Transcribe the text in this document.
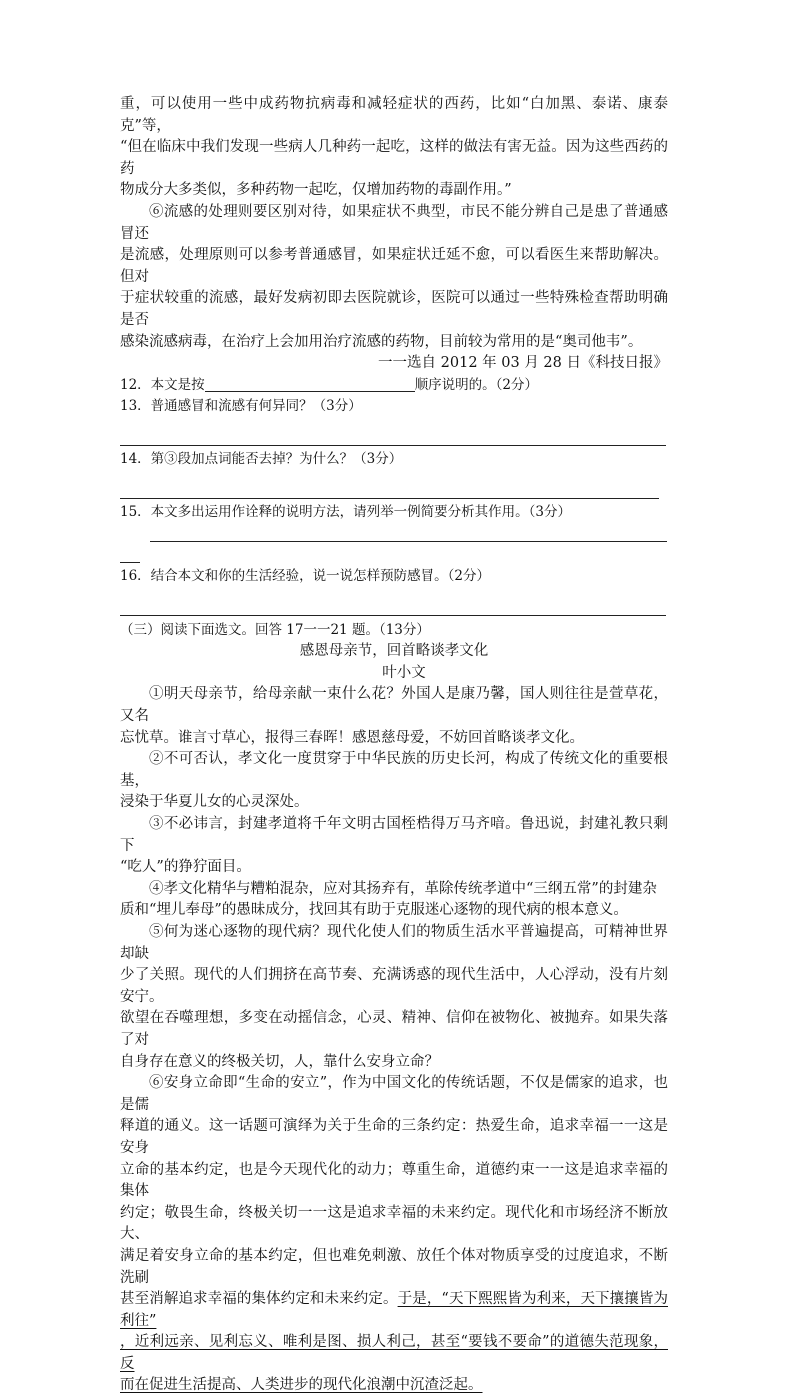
重，可以使用一些中成药物抗病毒和减轻症状的西药，比如“白加黑、泰诺、康泰克”等，

“但在临床中我们发现一些病人几种药一起吃，这样的做法有害无益。因为这些西药的药

物成分大多类似，多种药物一起吃，仅增加药物的毒副作用。”

⑥流感的处理则要区别对待，如果症状不典型，市民不能分辨自己是患了普通感冒还

是流感，处理原则可以参考普通感冒，如果症状迁延不愈，可以看医生来帮助解决。但对

于症状较重的流感，最好发病初即去医院就诊，医院可以通过一些特殊检查帮助明确是否

感染流感病毒，在治疗上会加用治疗流感的药物，目前较为常用的是“奥司他韦”。

一一选自 2012 年 03 月 28 日《科技日报》

12．本文是按	顺序说明的。（2分）

13．普通感冒和流感有何异同？（3分）

14．第③段加点词能否去掉？为什么？（3分）

15．本文多出运用作诠释的说明方法，请列举一例简要分析其作用。（3分）

16．结合本文和你的生活经验，说一说怎样预防感冒。（2分）

（三）阅读下面选文。回答 17一一21 题。（13分）

感恩母亲节，回首略谈孝文化

叶小文

①明天母亲节，给母亲献一束什么花？外国人是康乃馨，国人则往往是萱草花，又名

忘忧草。谁言寸草心，报得三春晖！感恩慈母爱，不妨回首略谈孝文化。

②不可否认，孝文化一度贯穿于中华民族的历史长河，构成了传统文化的重要根基，

浸染于华夏儿女的心灵深处。

③不必讳言，封建孝道将千年文明古国桎梏得万马齐喑。鲁迅说，封建礼教只剩下

“吃人”的狰狞面目。

④孝文化精华与糟粕混杂，应对其扬弃有，革除传统孝道中“三纲五常”的封建杂

质和“埋儿奉母”的愚昧成分，找回其有助于克服迷心逐物的现代病的根本意义。

⑤何为迷心逐物的现代病？现代化使人们的物质生活水平普遍提高，可精神世界却缺

少了关照。现代的人们拥挤在高节奏、充满诱惑的现代生活中，人心浮动，没有片刻安宁。

欲望在吞噬理想，多变在动摇信念，心灵、精神、信仰在被物化、被抛弃。如果失落了对

自身存在意义的终极关切，人，靠什么安身立命？

⑥安身立命即“生命的安立”，作为中国文化的传统话题，不仅是儒家的追求，也是儒

释道的通义。这一话题可演绎为关于生命的三条约定：热爱生命，追求幸福一一这是安身

立命的基本约定，也是今天现代化的动力；尊重生命，道德约束一一这是追求幸福的集体

约定；敬畏生命，终极关切一一这是追求幸福的未来约定。现代化和市场经济不断放大、

满足着安身立命的基本约定，但也难免刺激、放任个体对物质享受的过度追求，不断洗刷

甚至消解追求幸福的集体约定和未来约定。于是，“天下熙熙皆为利来，天下攘攘皆为利往”

，近利远亲、见利忘义、唯利是图、损人利己，甚至“要钱不要命”的道德失范现象，反

而在促进生活提高、人类进步的现代化浪潮中沉渣泛起。
